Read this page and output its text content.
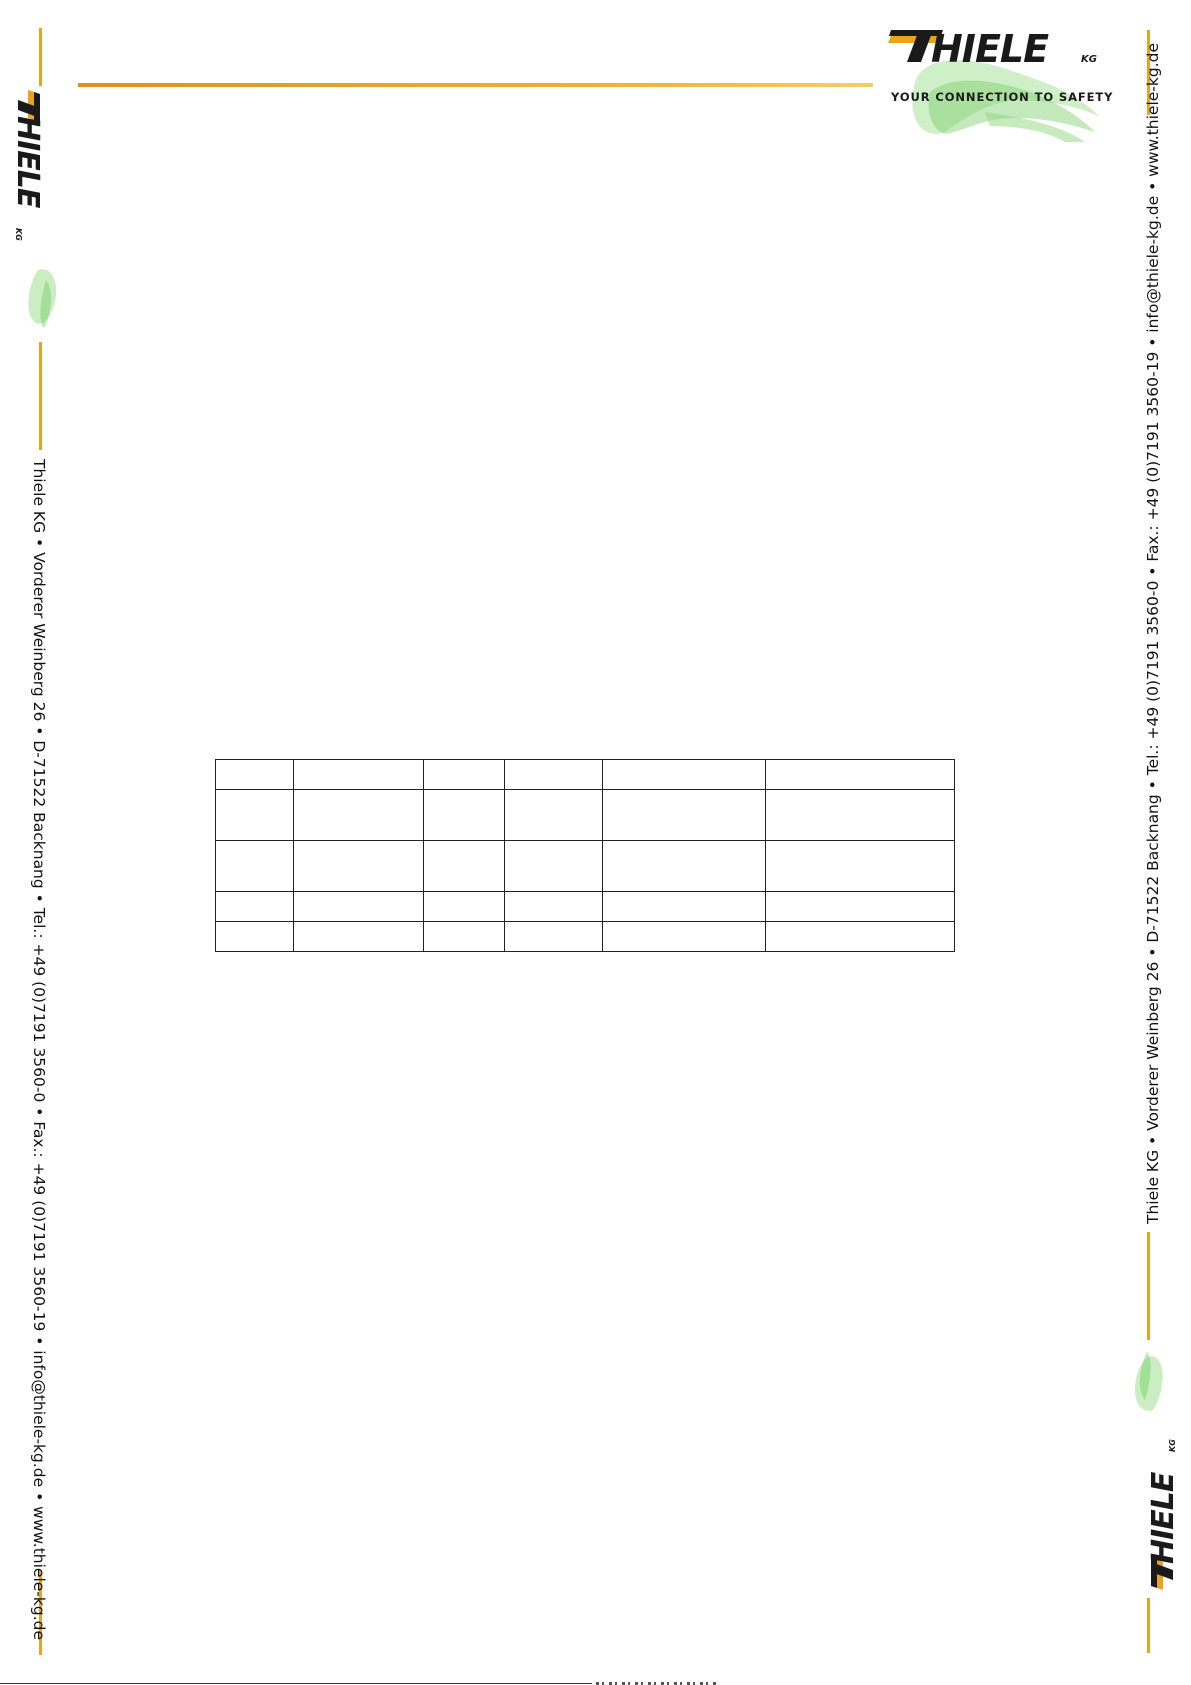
HIELE	KG
YOUR CONNECTION TO SAFETY
HIELE
KG
Thiele KG • Vorderer Weinberg 26 • D-71522 Backnang • Tel.: +49 (0)7191 3560-0 • Fax.: +49 (0)7191 3560-19 • info@thiele-kg.de • www.thiele-kg.de	HIELE
KG
Thiele KG • Vorderer Weinberg 26 • D-71522 Backnang • Tel.: +49 (0)7191 3560-0 • Fax.: +49 (0)7191 3560-19 • info@thiele-kg.de • www.thiele-kg.de
